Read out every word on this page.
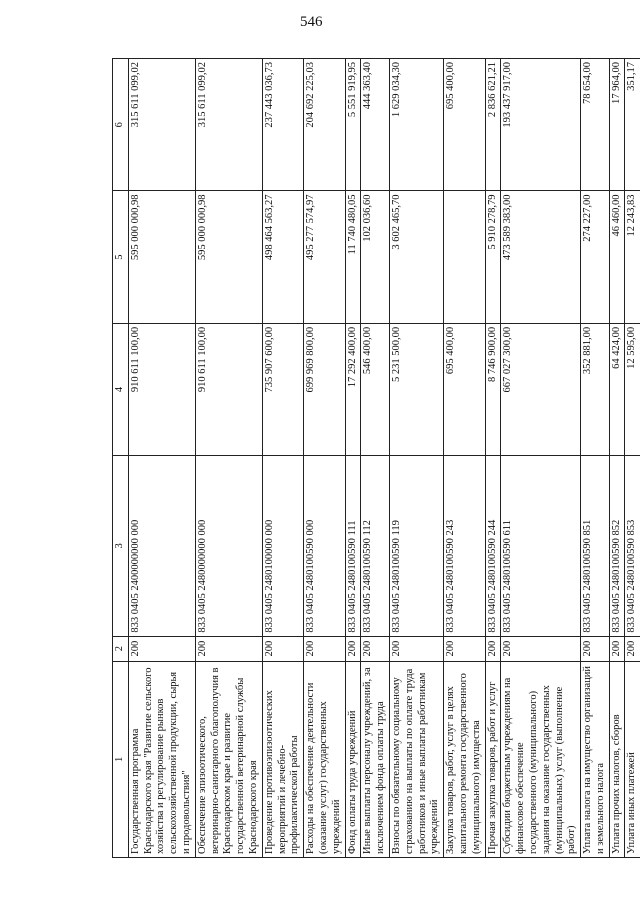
546
1	2	3	4	5	6
Государственная программа Краснодарского края "Развитие сельского хозяйства и регулирование рынков сельскохозяйственной продукции, сырья и продовольствия"	200	833 0405 2400000000 000	910 611 100,00	595 000 000,98	315 611 099,02
Обеспечение эпизоотического, ветеринарно-санитарного благополучия в Краснодарском крае и развитие государственной ветеринарной службы Краснодарского края	200	833 0405 2480000000 000	910 611 100,00	595 000 000,98	315 611 099,02
Проведение противоэпизоотических мероприятий и лечебно-профилактической работы	200	833 0405 2480100000 000	735 907 600,00	498 464 563,27	237 443 036,73
Расходы на обеспечение деятельности (оказание услуг) государственных учреждений	200	833 0405 2480100590 000	699 969 800,00	495 277 574,97	204 692 225,03
Фонд оплаты труда учреждений	200	833 0405 2480100590 111	17 292 400,00	11 740 480,05	5 551 919,95
Иные выплаты персоналу учреждений, за исключением фонда оплаты труда	200	833 0405 2480100590 112	546 400,00	102 036,60	444 363,40
Взносы по обязательному социальному страхованию на выплаты по оплате труда работников и иные выплаты работникам учреждений	200	833 0405 2480100590 119	5 231 500,00	3 602 465,70	1 629 034,30
Закупка товаров, работ, услуг в целях капитального ремонта государственного (муниципального) имущества	200	833 0405 2480100590 243	695 400,00		695 400,00
Прочая закупка товаров, работ и услуг	200	833 0405 2480100590 244	8 746 900,00	5 910 278,79	2 836 621,21
Субсидии бюджетным учреждениям на финансовое обеспечение государственного (муниципального) задания на оказание государственных (муниципальных) услуг (выполнение работ)	200	833 0405 2480100590 611	667 027 300,00	473 589 383,00	193 437 917,00
Уплата налога на имущество организаций и земельного налога	200	833 0405 2480100590 851	352 881,00	274 227,00	78 654,00
Уплата прочих налогов, сборов	200	833 0405 2480100590 852	64 424,00	46 460,00	17 964,00
Уплата иных платежей	200	833 0405 2480100590 853	12 595,00	12 243,83	351,17
